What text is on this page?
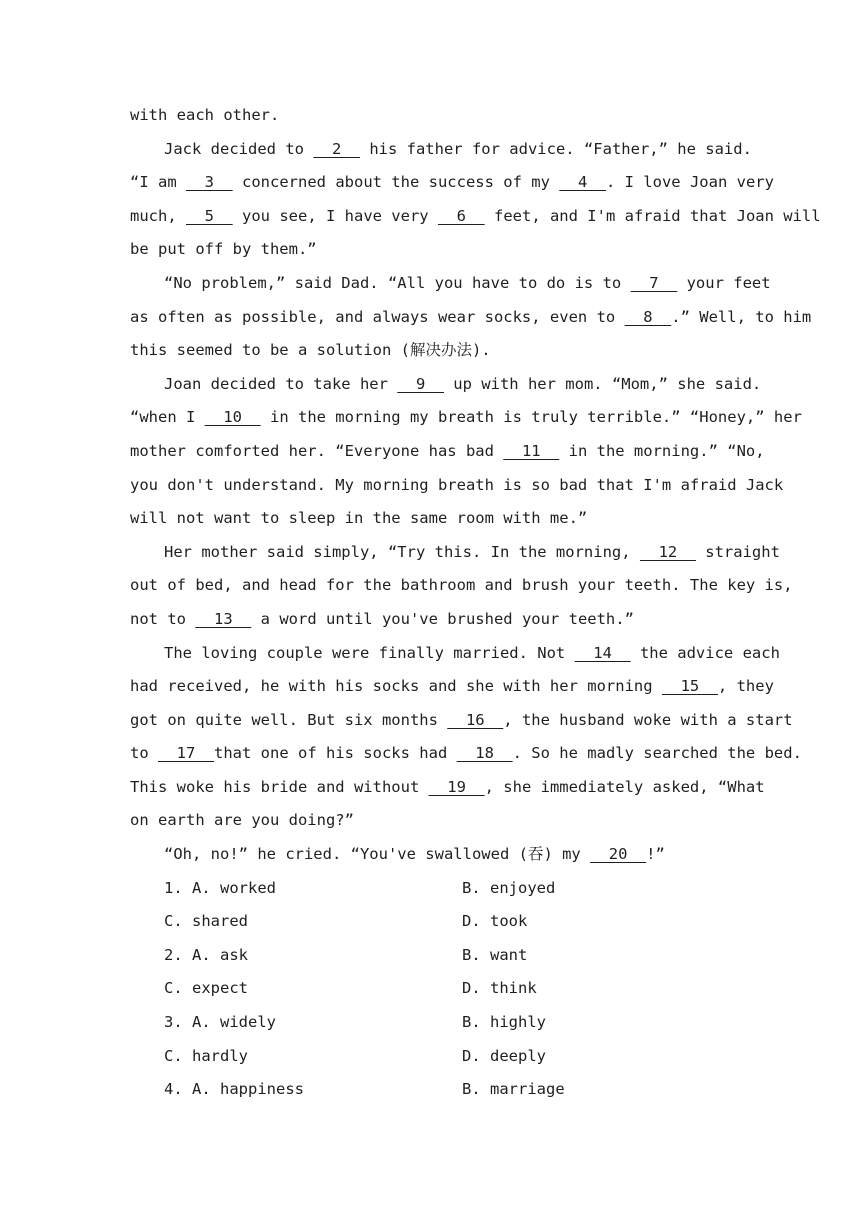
with each other.
Jack decided to   2   his father for advice. “Father,” he said.
“I am   3   concerned about the success of my   4  . I love Joan very
much,   5   you see, I have very   6   feet, and I'm afraid that Joan will
be put off by them.”
“No problem,” said Dad. “All you have to do is to   7   your feet
as often as possible, and always wear socks, even to   8  .” Well, to him
this seemed to be a solution (解决办法).
Joan decided to take her   9   up with her mom. “Mom,” she said.
“when I   10   in the morning my breath is truly terrible.” “Honey,” her
mother comforted her. “Everyone has bad   11   in the morning.” “No,
you don't understand. My morning breath is so bad that I'm afraid Jack
will not want to sleep in the same room with me.”
Her mother said simply, “Try this. In the morning,   12   straight
out of bed, and head for the bathroom and brush your teeth. The key is,
not to   13   a word until you've brushed your teeth.”
The loving couple were finally married. Not   14   the advice each
had received, he with his socks and she with her morning   15  , they
got on quite well. But six months   16  , the husband woke with a start
to   17  that one of his socks had   18  . So he madly searched the bed.
This woke his bride and without   19  , she immediately asked, “What
on earth are you doing?”
“Oh, no!” he cried. “You've swallowed (吞) my   20  !”
1. A. worked	B. enjoyed
C. shared	D. took
2. A. ask	B. want
C. expect	D. think
3. A. widely	B. highly
C. hardly	D. deeply
4. A. happiness	B. marriage
